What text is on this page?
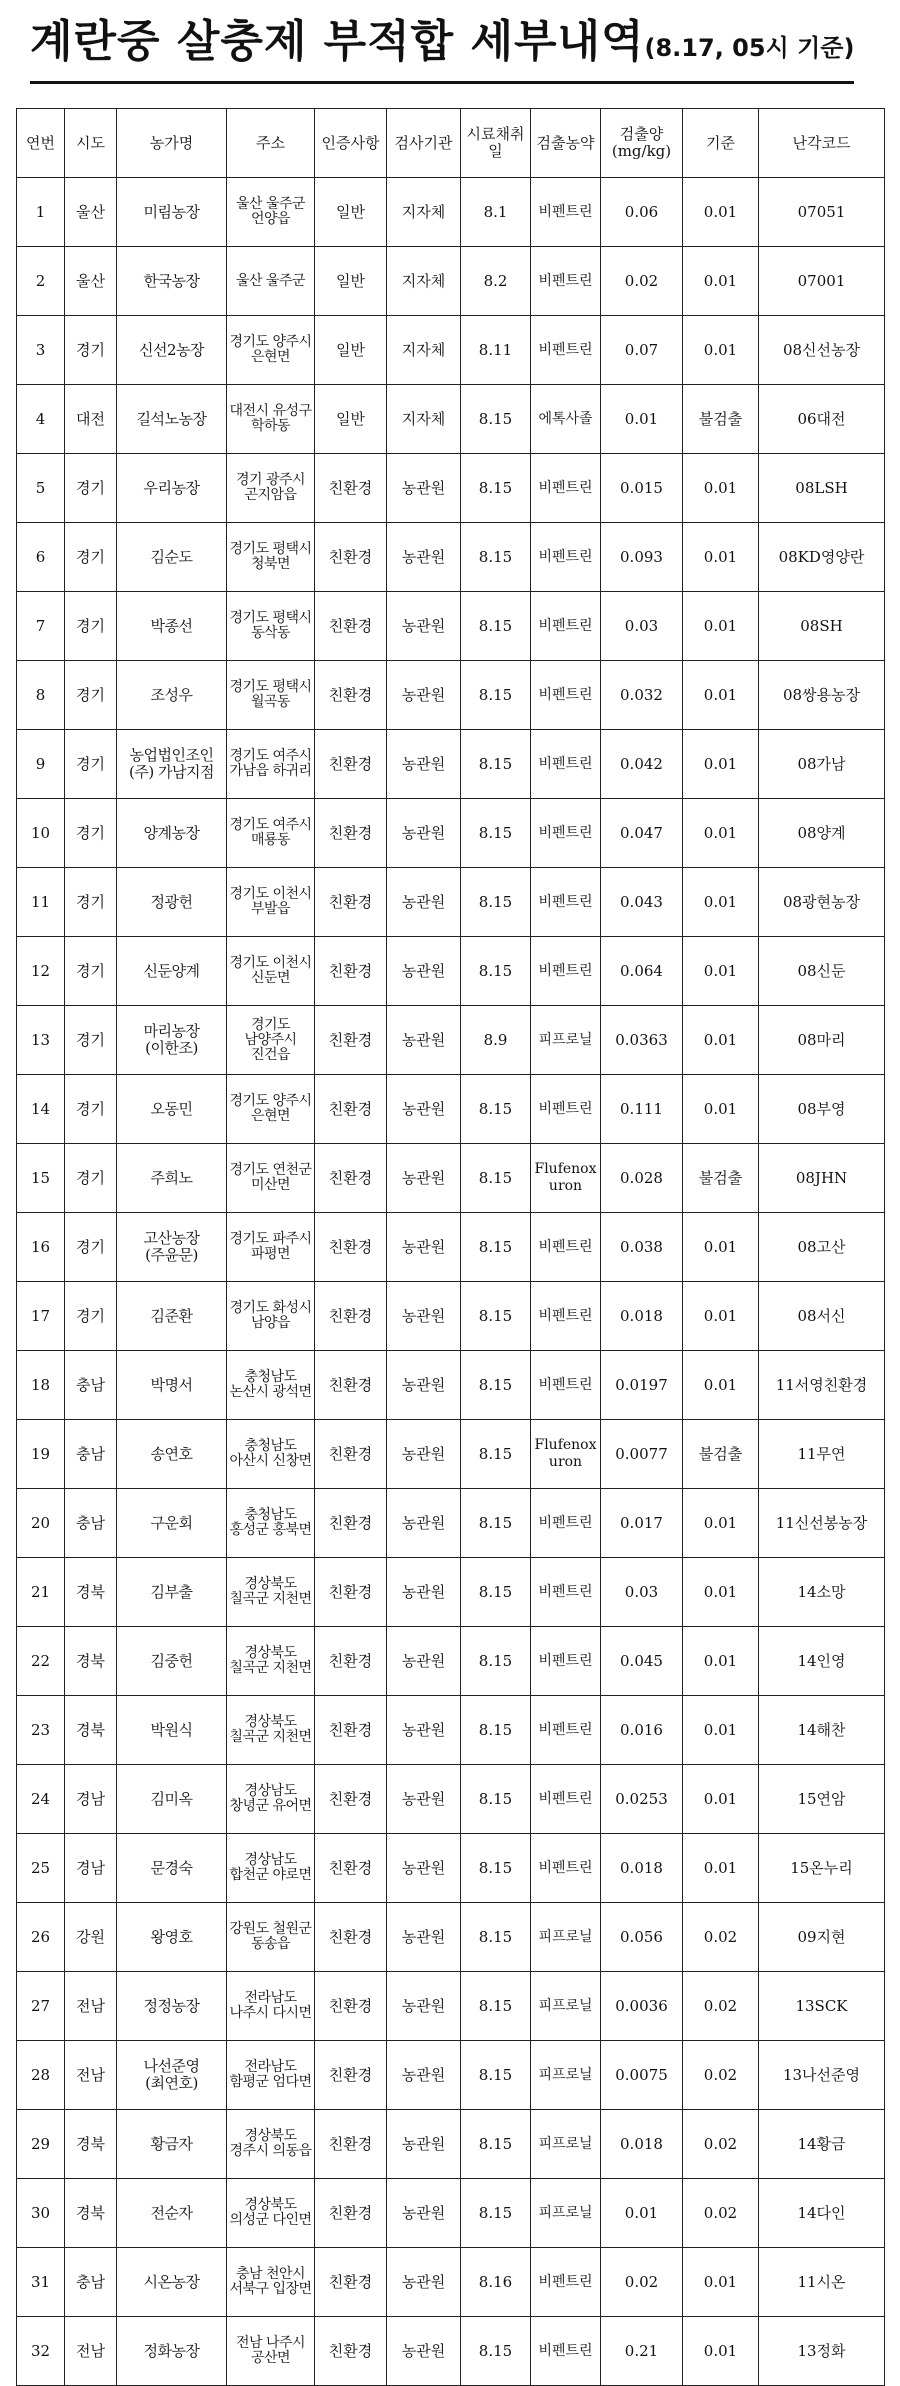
계란중 살충제 부적합 세부내역(8.17, 05시 기준)
연번	시도	농가명	주소	인증사항	검사기관	시료채취일	검출농약	검출양(mg/kg)	기준	난각코드
1	울산	미림농장	울산 울주군 언양읍	일반	지자체	8.1	비펜트린	0.06	0.01	07051
2	울산	한국농장	울산 울주군	일반	지자체	8.2	비펜트린	0.02	0.01	07001
3	경기	신선2농장	경기도 양주시 은현면	일반	지자체	8.11	비펜트린	0.07	0.01	08신선농장
4	대전	길석노농장	대전시 유성구 학하동	일반	지자체	8.15	에톡사졸	0.01	불검출	06대전
5	경기	우리농장	경기 광주시 곤지암읍	친환경	농관원	8.15	비펜트린	0.015	0.01	08LSH
6	경기	김순도	경기도 평택시 청북면	친환경	농관원	8.15	비펜트린	0.093	0.01	08KD영양란
7	경기	박종선	경기도 평택시 동삭동	친환경	농관원	8.15	비펜트린	0.03	0.01	08SH
8	경기	조성우	경기도 평택시 월곡동	친환경	농관원	8.15	비펜트린	0.032	0.01	08쌍용농장
9	경기	농업법인조인(주) 가남지점	경기도 여주시 가남읍 하귀리	친환경	농관원	8.15	비펜트린	0.042	0.01	08가남
10	경기	양계농장	경기도 여주시 매룡동	친환경	농관원	8.15	비펜트린	0.047	0.01	08양계
11	경기	정광헌	경기도 이천시 부발읍	친환경	농관원	8.15	비펜트린	0.043	0.01	08광현농장
12	경기	신둔양계	경기도 이천시 신둔면	친환경	농관원	8.15	비펜트린	0.064	0.01	08신둔
13	경기	마리농장(이한조)	경기도 남양주시 진건읍	친환경	농관원	8.9	피프로닐	0.0363	0.01	08마리
14	경기	오동민	경기도 양주시 은현면	친환경	농관원	8.15	비펜트린	0.111	0.01	08부영
15	경기	주희노	경기도 연천군 미산면	친환경	농관원	8.15	Flufenoxuron	0.028	불검출	08JHN
16	경기	고산농장(주윤문)	경기도 파주시 파평면	친환경	농관원	8.15	비펜트린	0.038	0.01	08고산
17	경기	김준환	경기도 화성시 남양읍	친환경	농관원	8.15	비펜트린	0.018	0.01	08서신
18	충남	박명서	충청남도 논산시 광석면	친환경	농관원	8.15	비펜트린	0.0197	0.01	11서영친환경
19	충남	송연호	충청남도 아산시 신창면	친환경	농관원	8.15	Flufenoxuron	0.0077	불검출	11무연
20	충남	구운회	충청남도 홍성군 홍북면	친환경	농관원	8.15	비펜트린	0.017	0.01	11신선봉농장
21	경북	김부출	경상북도 칠곡군 지천면	친환경	농관원	8.15	비펜트린	0.03	0.01	14소망
22	경북	김중헌	경상북도 칠곡군 지천면	친환경	농관원	8.15	비펜트린	0.045	0.01	14인영
23	경북	박원식	경상북도 칠곡군 지천면	친환경	농관원	8.15	비펜트린	0.016	0.01	14해찬
24	경남	김미옥	경상남도 창녕군 유어면	친환경	농관원	8.15	비펜트린	0.0253	0.01	15연암
25	경남	문경숙	경상남도 합천군 야로면	친환경	농관원	8.15	비펜트린	0.018	0.01	15온누리
26	강원	왕영호	강원도 철원군 동송읍	친환경	농관원	8.15	피프로닐	0.056	0.02	09지현
27	전남	정정농장	전라남도 나주시 다시면	친환경	농관원	8.15	피프로닐	0.0036	0.02	13SCK
28	전남	나선준영(최연호)	전라남도 함평군 엄다면	친환경	농관원	8.15	피프로닐	0.0075	0.02	13나선준영
29	경북	황금자	경상북도 경주시 의동읍	친환경	농관원	8.15	피프로닐	0.018	0.02	14황금
30	경북	전순자	경상북도 의성군 다인면	친환경	농관원	8.15	피프로닐	0.01	0.02	14다인
31	충남	시온농장	충남 천안시 서북구 입장면	친환경	농관원	8.16	비펜트린	0.02	0.01	11시온
32	전남	정화농장	전남 나주시 공산면	친환경	농관원	8.15	비펜트린	0.21	0.01	13정화
